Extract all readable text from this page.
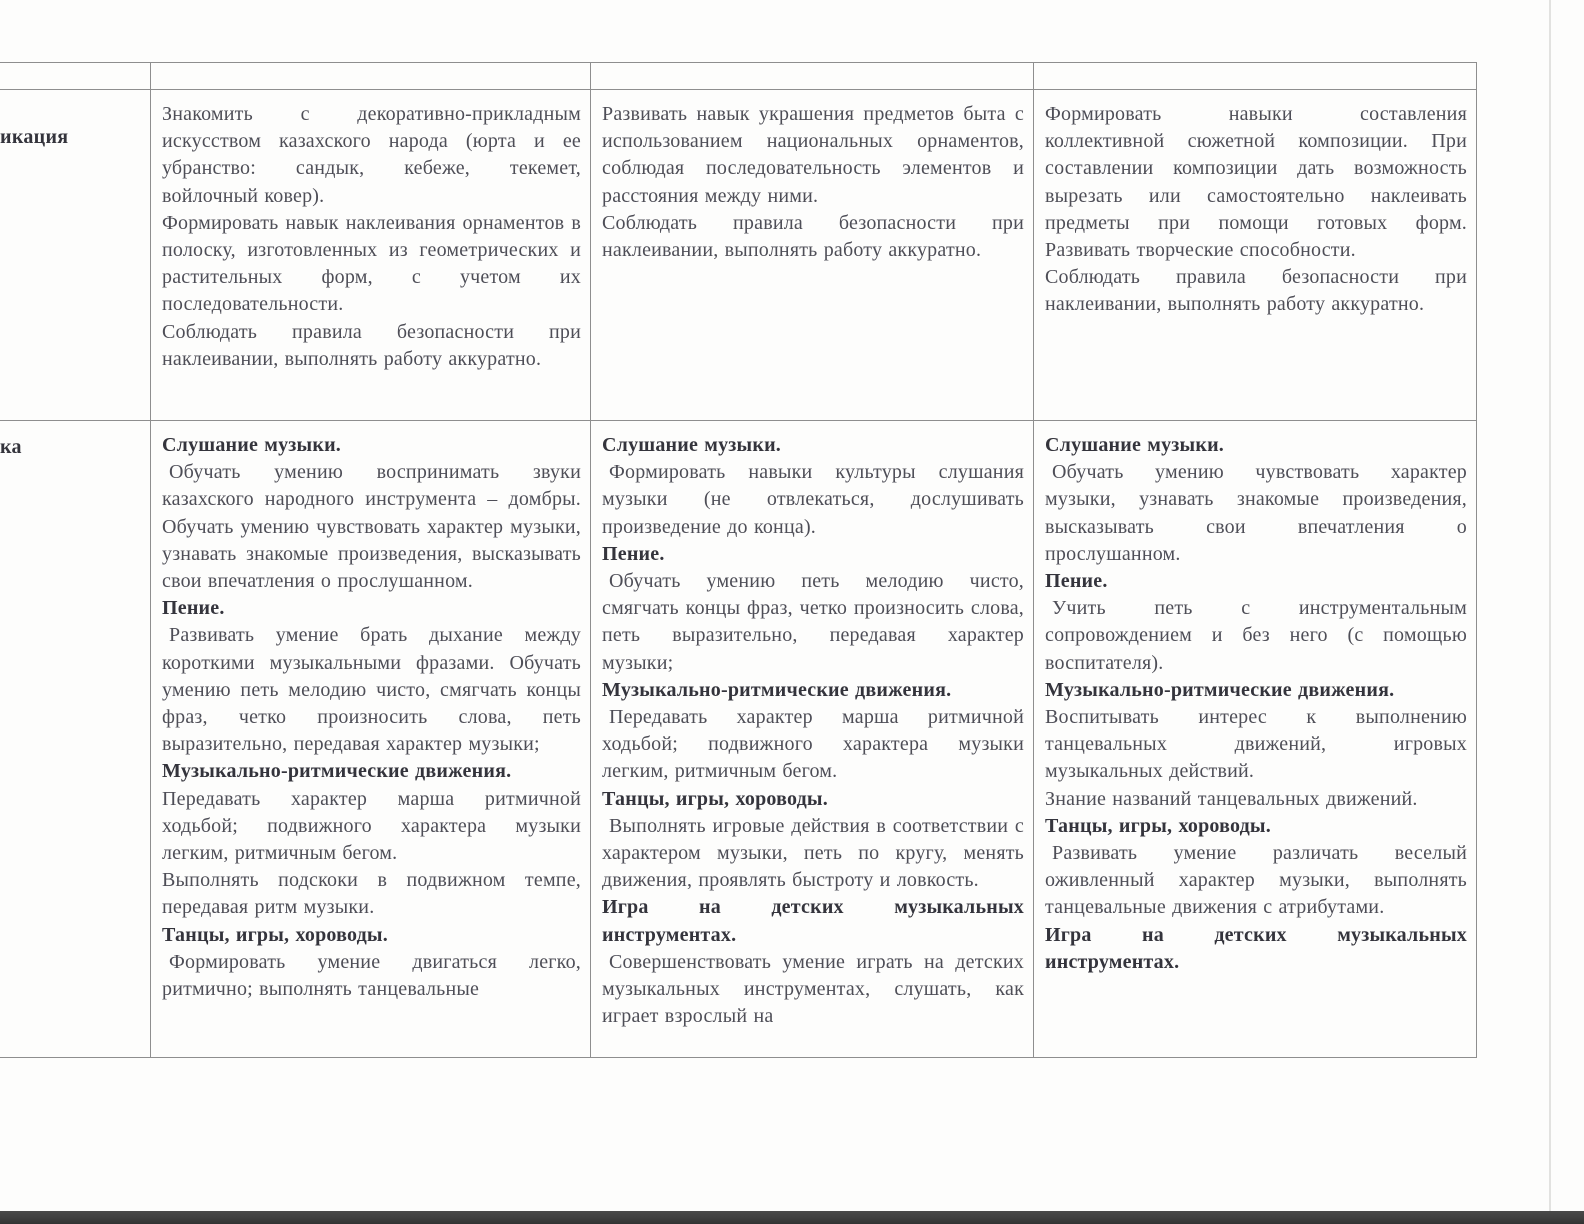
икация

Знакомить с декоративно-прикладным искусством казахского народа (юрта и ее убранство: сандык, кебеже, текемет, войлочный ковер).

Формировать навык наклеивания орнаментов в полоску, изготовленных из геометрических и растительных форм, с учетом их последовательности.

Соблюдать правила безопасности при наклеивании, выполнять работу аккуратно.

Развивать навык украшения предметов быта с использованием национальных орнаментов, соблюдая последовательность элементов и расстояния между ними.

Соблюдать правила безопасности при наклеивании, выполнять работу аккуратно.

Формировать навыки составления коллективной сюжетной композиции. При составлении композиции дать возможность вырезать или самостоятельно наклеивать предметы при помощи готовых форм. Развивать творческие способности.

Соблюдать правила безопасности при наклеивании, выполнять работу аккуратно.

ка	Слушание музыки.

Обучать умению воспринимать звуки казахского народного инструмента – домбры. Обучать умению чувствовать характер музыки, узнавать знакомые произведения, высказывать свои впечатления о прослушанном.

Пение.

Развивать умение брать дыхание между короткими музыкальными фразами. Обучать умению петь мелодию чисто, смягчать концы фраз, четко произносить слова, петь выразительно, передавая характер музыки;

Музыкально-ритмические движения.

Передавать характер марша ритмичной ходьбой; подвижного характера музыки легким, ритмичным бегом.

Выполнять подскоки в подвижном темпе, передавая ритм музыки.

Танцы, игры, хороводы.

Формировать умение двигаться легко, ритмично; выполнять танцевальные

Слушание музыки.

Формировать навыки культуры слушания музыки (не отвлекаться, дослушивать произведение до конца).

Пение.

Обучать умению петь мелодию чисто, смягчать концы фраз, четко произносить слова, петь выразительно, передавая характер музыки;

Музыкально-ритмические движения.

Передавать характер марша ритмичной ходьбой; подвижного характера музыки легким, ритмичным бегом.

Танцы, игры, хороводы.

Выполнять игровые действия в соответствии с характером музыки, петь по кругу, менять движения, проявлять быстроту и ловкость.

Игра на детских музыкальных инструментах.

Совершенствовать умение играть на детских музыкальных инструментах, слушать, как играет взрослый на

Слушание музыки.

Обучать умению чувствовать характер музыки, узнавать знакомые произведения, высказывать свои впечатления о прослушанном.

Пение.

Учить петь с инструментальным сопровождением и без него (с помощью воспитателя).

Музыкально-ритмические движения.

Воспитывать интерес к выполнению танцевальных движений, игровых музыкальных действий.

Знание названий танцевальных движений.

Танцы, игры, хороводы.

Развивать умение различать веселый оживленный характер музыки, выполнять танцевальные движения с атрибутами.

Игра на детских музыкальных инструментах.
